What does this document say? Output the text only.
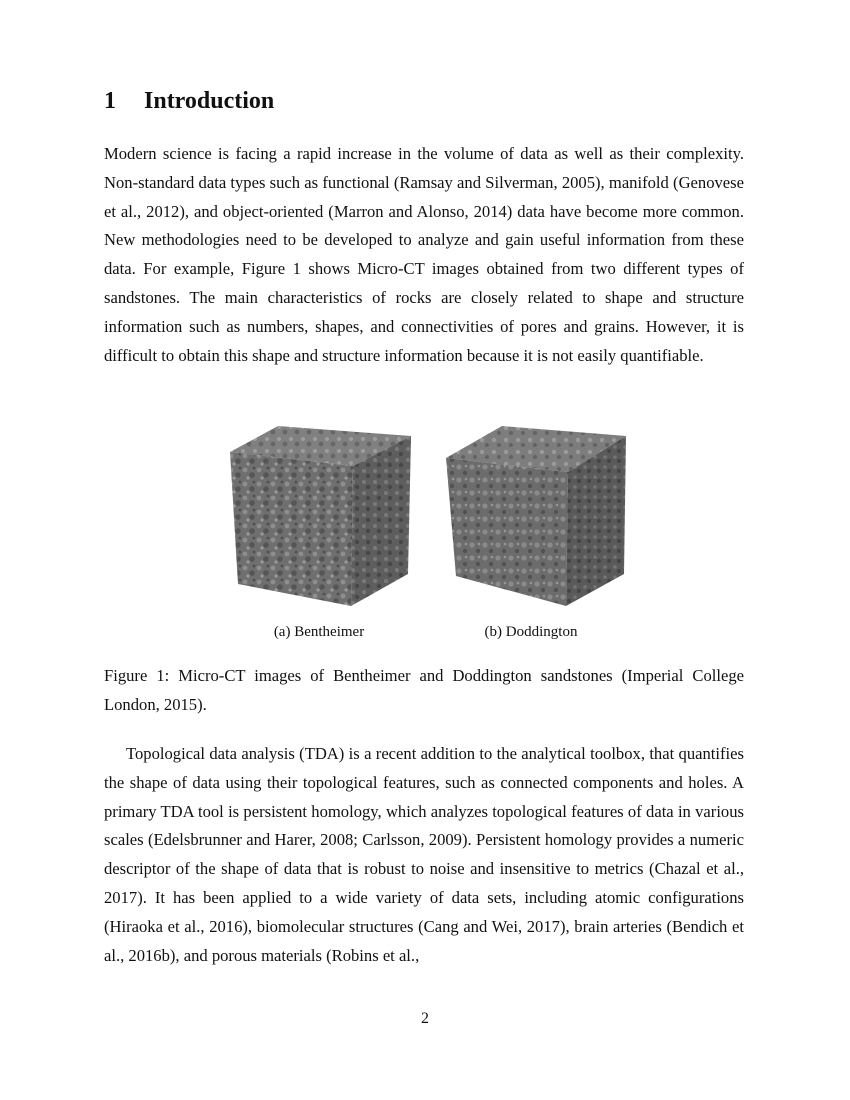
1 Introduction

Modern science is facing a rapid increase in the volume of data as well as their complexity. Non-standard data types such as functional (Ramsay and Silverman, 2005), manifold (Genovese et al., 2012), and object-oriented (Marron and Alonso, 2014) data have become more common. New methodologies need to be developed to analyze and gain useful information from these data. For example, Figure 1 shows Micro-CT images obtained from two different types of sandstones. The main characteristics of rocks are closely related to shape and structure information such as numbers, shapes, and connectivities of pores and grains. However, it is difficult to obtain this shape and structure information because it is not easily quantifiable.

(a) Bentheimer	(b) Doddington

Figure 1: Micro-CT images of Bentheimer and Doddington sandstones (Imperial College London, 2015).

Topological data analysis (TDA) is a recent addition to the analytical toolbox, that quantifies the shape of data using their topological features, such as connected components and holes. A primary TDA tool is persistent homology, which analyzes topological features of data in various scales (Edelsbrunner and Harer, 2008; Carlsson, 2009). Persistent homology provides a numeric descriptor of the shape of data that is robust to noise and insensitive to metrics (Chazal et al., 2017). It has been applied to a wide variety of data sets, including atomic configurations (Hiraoka et al., 2016), biomolecular structures (Cang and Wei, 2017), brain arteries (Bendich et al., 2016b), and porous materials (Robins et al.,

2
